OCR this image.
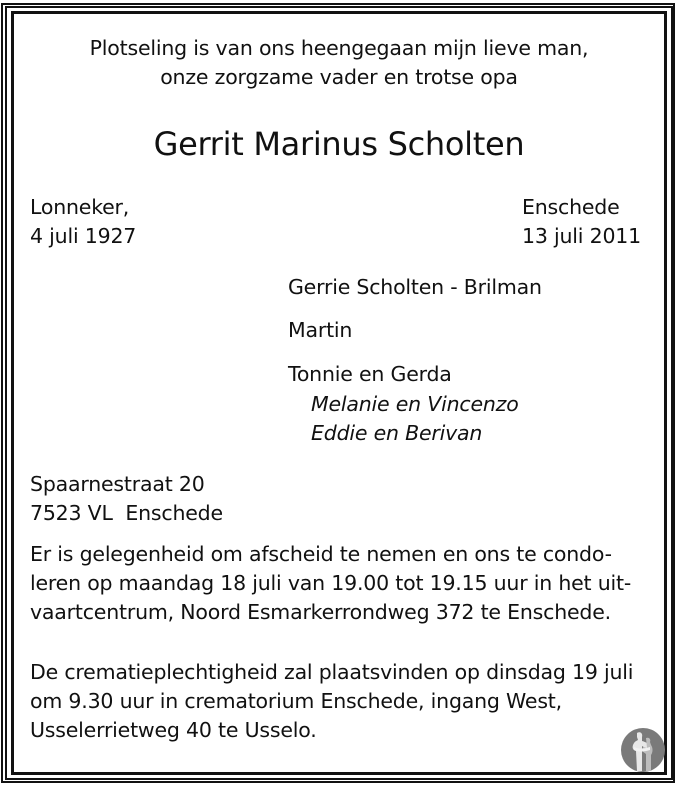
Plotseling is van ons heengegaan mijn lieve man,
onze zorgzame vader en trotse opa
Gerrit Marinus Scholten
Lonneker,
4 juli 1927
Enschede
13 juli 2011
Gerrie Scholten - Brilman
Martin
Tonnie en Gerda
Melanie en Vincenzo
Eddie en Berivan
Spaarnestraat 20
7523 VL  Enschede
Er is gelegenheid om afscheid te nemen en ons te condo-
leren op maandag 18 juli van 19.00 tot 19.15 uur in het uit-
vaartcentrum, Noord Esmarkerrondweg 372 te Enschede.
De crematieplechtigheid zal plaatsvinden op dinsdag 19 juli
om 9.30 uur in crematorium Enschede, ingang West,
Usselerrietweg 40 te Usselo.
